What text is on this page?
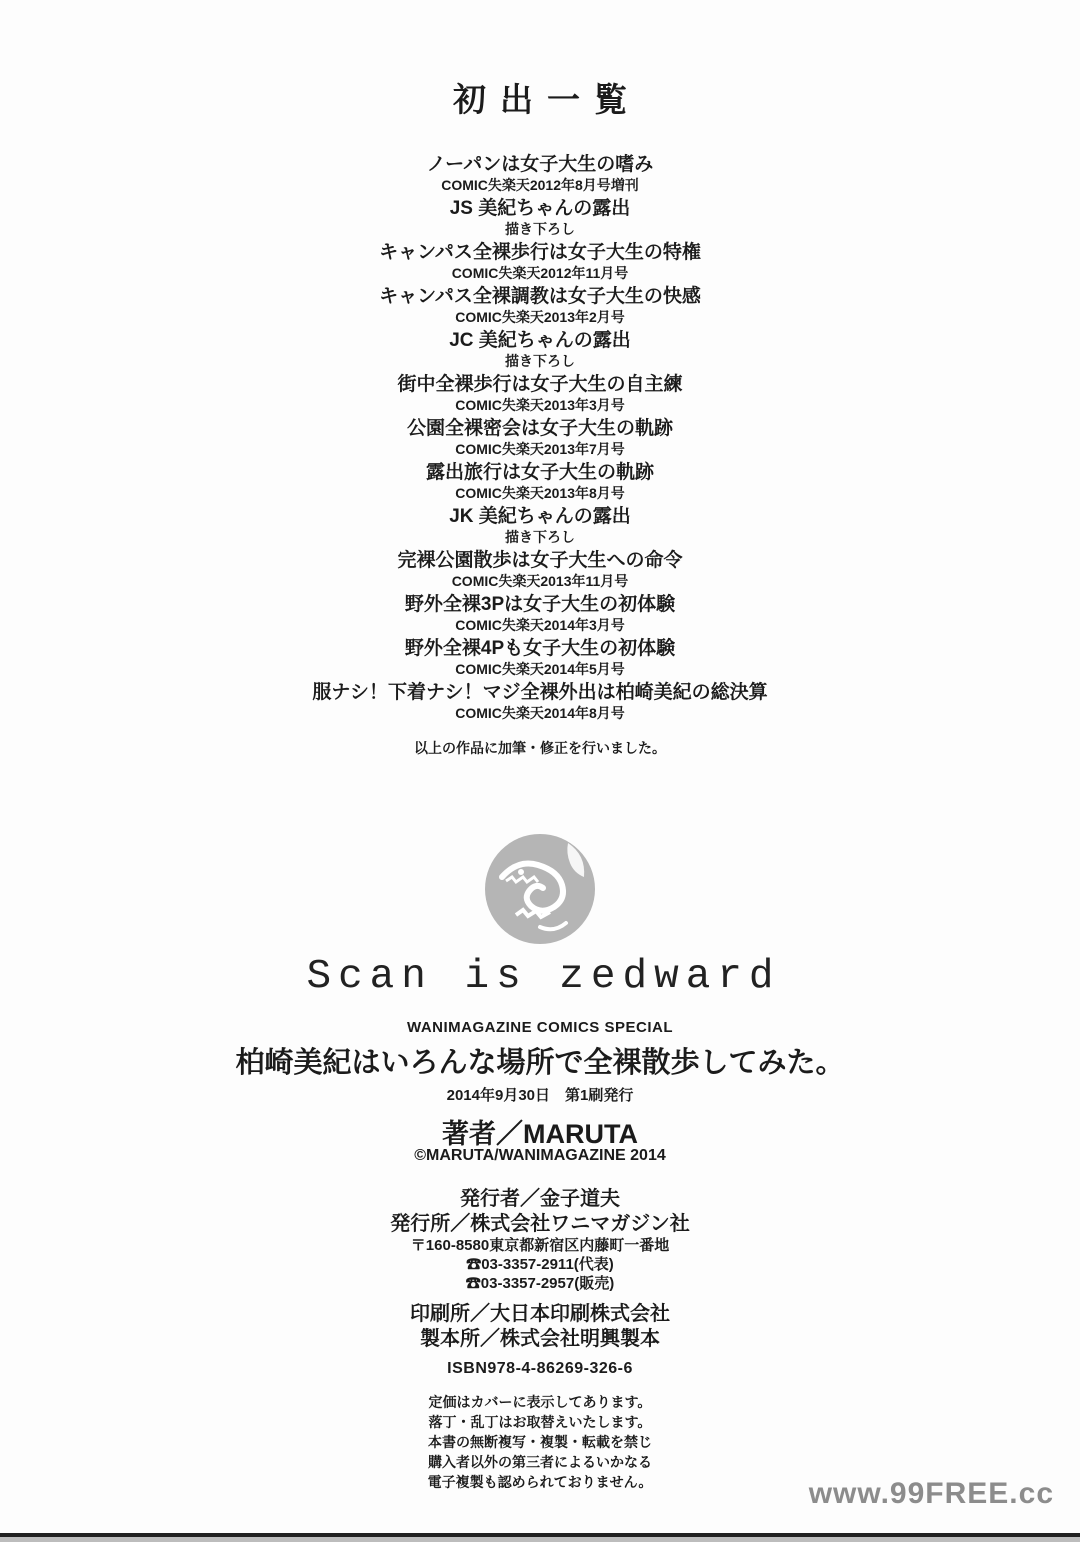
初出一覧
ノーパンは女子大生の嗜み
COMIC失楽天2012年8月号増刊
JS 美紀ちゃんの露出
描き下ろし
キャンパス全裸歩行は女子大生の特権
COMIC失楽天2012年11月号
キャンパス全裸調教は女子大生の快感
COMIC失楽天2013年2月号
JC 美紀ちゃんの露出
描き下ろし
街中全裸歩行は女子大生の自主練
COMIC失楽天2013年3月号
公園全裸密会は女子大生の軌跡
COMIC失楽天2013年7月号
露出旅行は女子大生の軌跡
COMIC失楽天2013年8月号
JK 美紀ちゃんの露出
描き下ろし
完裸公園散歩は女子大生への命令
COMIC失楽天2013年11月号
野外全裸3Pは女子大生の初体験
COMIC失楽天2014年3月号
野外全裸4Pも女子大生の初体験
COMIC失楽天2014年5月号
服ナシ！下着ナシ！マジ全裸外出は柏崎美紀の総決算
COMIC失楽天2014年8月号
以上の作品に加筆・修正を行いました。
Scan is zedward
WANIMAGAZINE COMICS SPECIAL
柏崎美紀はいろんな場所で全裸散歩してみた。
2014年9月30日　第1刷発行
著者／MARUTA
©MARUTA/WANIMAGAZINE 2014
発行者／金子道夫
発行所／株式会社ワニマガジン社
〒160-8580東京都新宿区内藤町一番地
☎03-3357-2911(代表)
☎03-3357-2957(販売)
印刷所／大日本印刷株式会社
製本所／株式会社明興製本
ISBN978-4-86269-326-6
定価はカバーに表示してあります。
落丁・乱丁はお取替えいたします。
本書の無断複写・複製・転載を禁じ
購入者以外の第三者によるいかなる
電子複製も認められておりません。	www.99FREE.cc
